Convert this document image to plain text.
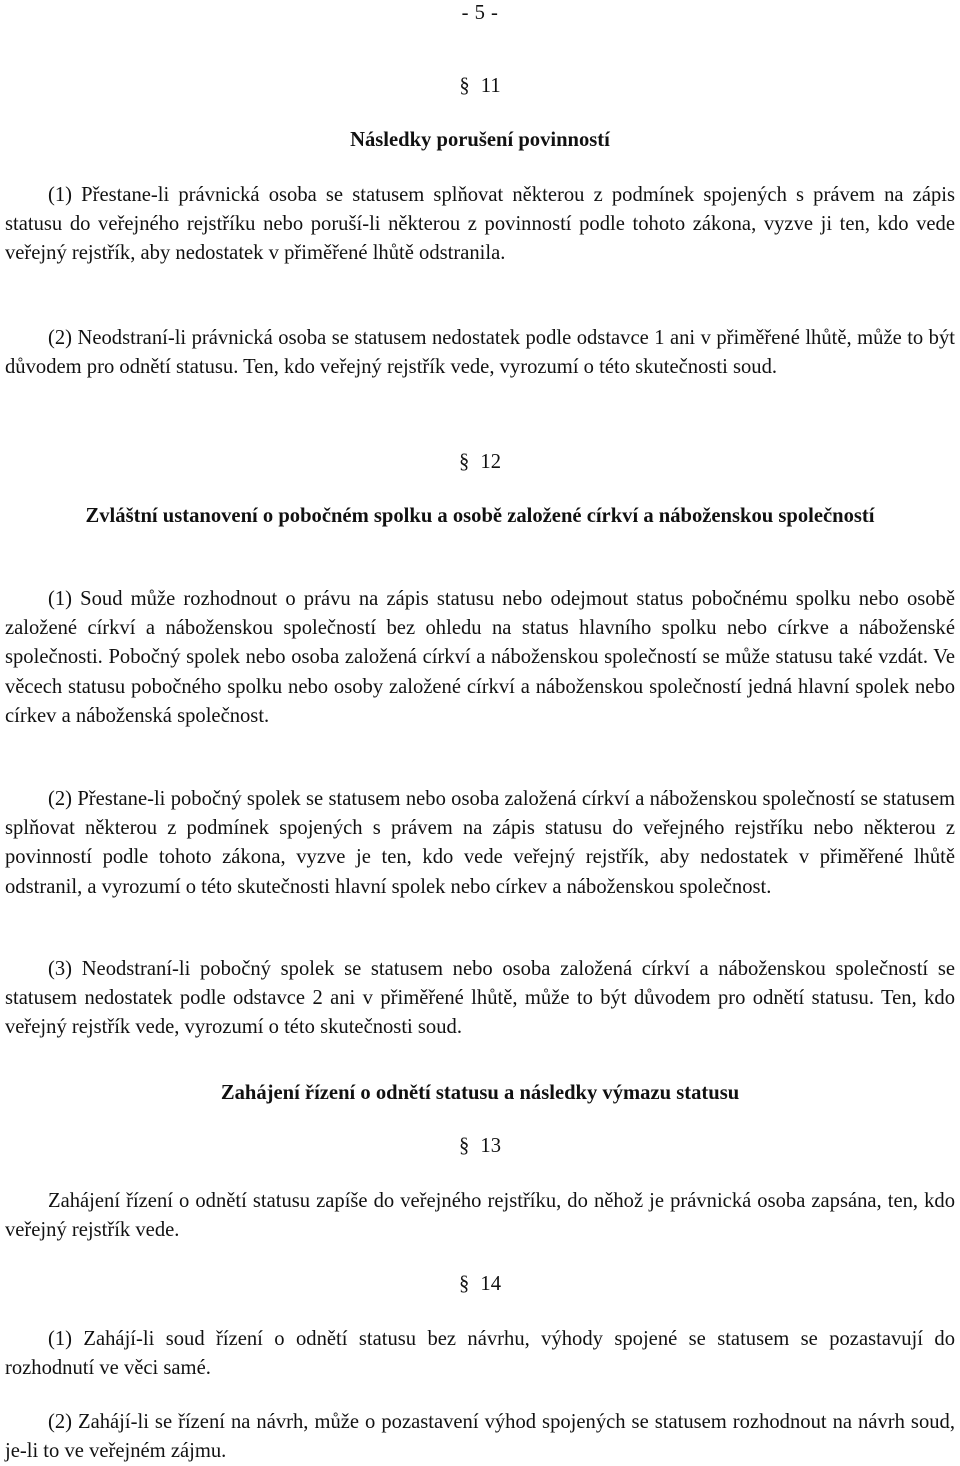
- 5 -
§ 11
Následky porušení povinností

(1) Přestane-li právnická osoba se statusem splňovat některou z podmínek spojených s právem na zápis statusu do veřejného rejstříku nebo poruší-li některou z povinností podle tohoto zákona, vyzve ji ten, kdo vede veřejný rejstřík, aby nedostatek v přiměřené lhůtě odstranila.

(2) Neodstraní-li právnická osoba se statusem nedostatek podle odstavce 1 ani v přiměřené lhůtě, může to být důvodem pro odnětí statusu. Ten, kdo veřejný rejstřík vede, vyrozumí o této skutečnosti soud.

§ 12
Zvláštní ustanovení o pobočném spolku a osobě založené církví a náboženskou společností

(1) Soud může rozhodnout o právu na zápis statusu nebo odejmout status pobočnému spolku nebo osobě založené církví a náboženskou společností bez ohledu na status hlavního spolku nebo církve a náboženské společnosti. Pobočný spolek nebo osoba založená církví a náboženskou společností se může statusu také vzdát. Ve věcech statusu pobočného spolku nebo osoby založené církví a náboženskou společností jedná hlavní spolek nebo církev a náboženská společnost.

(2) Přestane-li pobočný spolek se statusem nebo osoba založená církví a náboženskou společností se statusem splňovat některou z podmínek spojených s právem na zápis statusu do veřejného rejstříku nebo některou z povinností podle tohoto zákona, vyzve je ten, kdo vede veřejný rejstřík, aby nedostatek v přiměřené lhůtě odstranil, a vyrozumí o této skutečnosti hlavní spolek nebo církev a náboženskou společnost.

(3) Neodstraní-li pobočný spolek se statusem nebo osoba založená církví a náboženskou společností se statusem nedostatek podle odstavce 2 ani v přiměřené lhůtě, může to být důvodem pro odnětí statusu. Ten, kdo veřejný rejstřík vede, vyrozumí o této skutečnosti soud.

Zahájení řízení o odnětí statusu a následky výmazu statusu
§ 13

Zahájení řízení o odnětí statusu zapíše do veřejného rejstříku, do něhož je právnická osoba zapsána, ten, kdo veřejný rejstřík vede.

§ 14

(1) Zahájí-li soud řízení o odnětí statusu bez návrhu, výhody spojené se statusem se pozastavují do rozhodnutí ve věci samé.

(2) Zahájí-li se řízení na návrh, může o pozastavení výhod spojených se statusem rozhodnout na návrh soud, je-li to ve veřejném zájmu.
